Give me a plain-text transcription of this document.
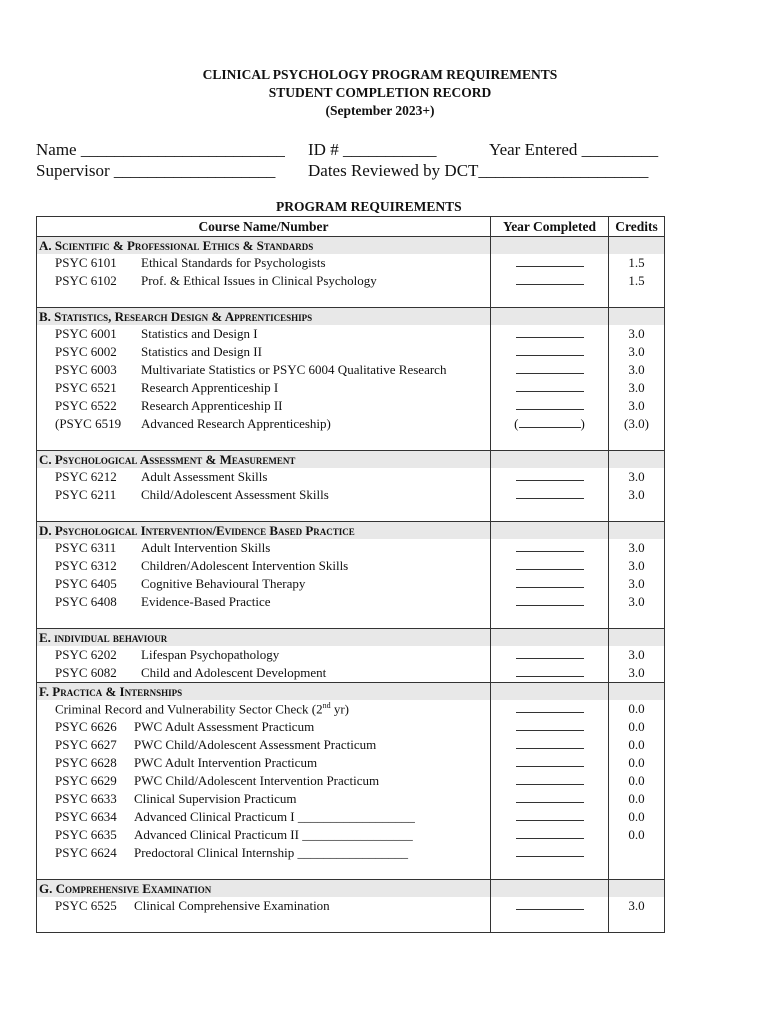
CLINICAL PSYCHOLOGY PROGRAM REQUIREMENTS
STUDENT COMPLETION RECORD
(September 2023+)
Name ________________________ ID # ___________	Year Entered _________
Supervisor ___________________ Dates Reviewed by DCT____________________
PROGRAM REQUIREMENTS
Course Name/Number	Year Completed	Credits
A. Scientific & Professional Ethics & Standards		
PSYC 6101 Ethical Standards for Psychologists		1.5
PSYC 6102 Prof. & Ethical Issues in Clinical Psychology		1.5

B. Statistics, Research Design & Apprenticeships		
PSYC 6001 Statistics and Design I		3.0
PSYC 6002 Statistics and Design II		3.0
PSYC 6003 Multivariate Statistics or PSYC 6004 Qualitative Research		3.0
PSYC 6521 Research Apprenticeship I		3.0
PSYC 6522 Research Apprenticeship II		3.0
(PSYC 6519 Advanced Research Apprenticeship)	( )	(3.0)

C. Psychological Assessment & Measurement		
PSYC 6212 Adult Assessment Skills		3.0
PSYC 6211 Child/Adolescent Assessment Skills		3.0

D. Psychological Intervention/Evidence Based Practice		
PSYC 6311 Adult Intervention Skills		3.0
PSYC 6312 Children/Adolescent Intervention Skills		3.0
PSYC 6405 Cognitive Behavioural Therapy		3.0
PSYC 6408 Evidence-Based Practice		3.0

E. individual behaviour		
PSYC 6202 Lifespan Psychopathology		3.0
PSYC 6082 Child and Adolescent Development		3.0
F. Practica & Internships		
Criminal Record and Vulnerability Sector Check (2nd yr)		0.0
PSYC 6626 PWC Adult Assessment Practicum		0.0
PSYC 6627 PWC Child/Adolescent Assessment Practicum		0.0
PSYC 6628 PWC Adult Intervention Practicum		0.0
PSYC 6629 PWC Child/Adolescent Intervention Practicum		0.0
PSYC 6633 Clinical Supervision Practicum		0.0
PSYC 6634 Advanced Clinical Practicum I __________________		0.0
PSYC 6635 Advanced Clinical Practicum II _________________		0.0
PSYC 6624 Predoctoral Clinical Internship _________________		

G. Comprehensive Examination		
PSYC 6525 Clinical Comprehensive Examination		3.0
